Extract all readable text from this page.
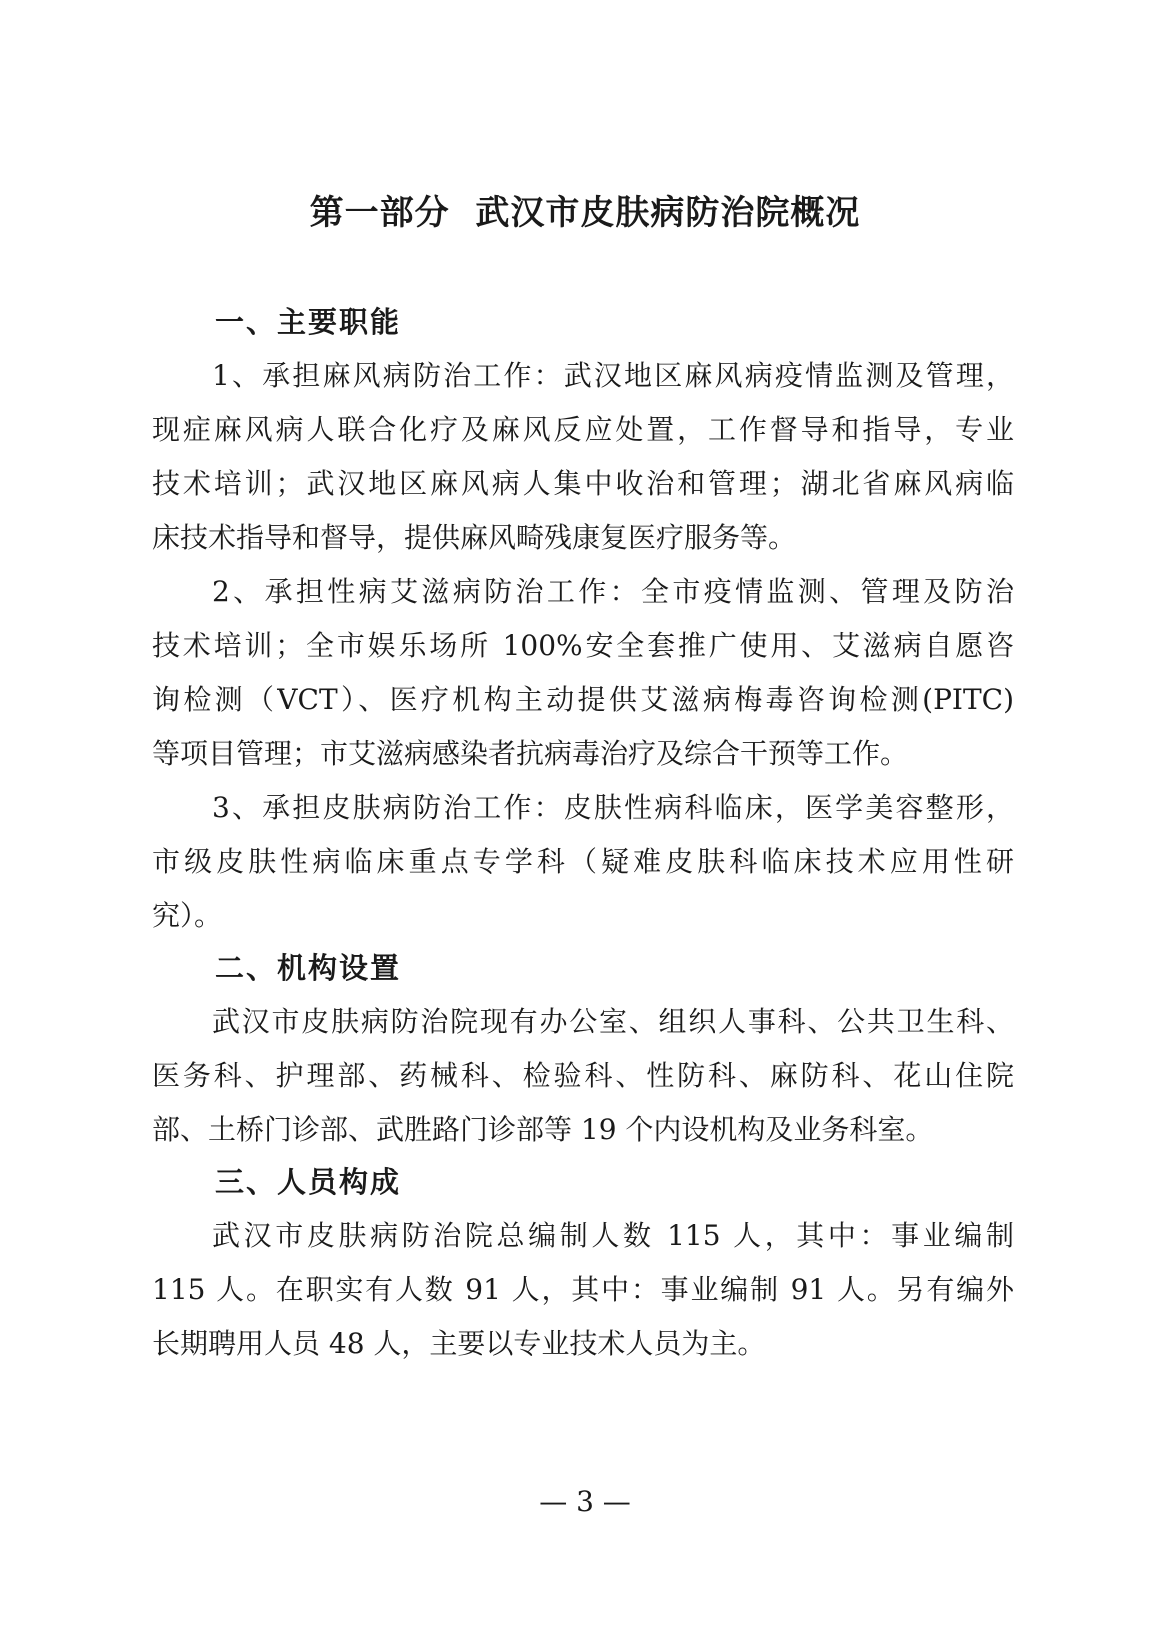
第一部分  武汉市皮肤病防治院概况
一、主要职能
1、承担麻风病防治工作：武汉地区麻风病疫情监测及管理，
现症麻风病人联合化疗及麻风反应处置，工作督导和指导，专业
技术培训；武汉地区麻风病人集中收治和管理；湖北省麻风病临
床技术指导和督导，提供麻风畸残康复医疗服务等。
2、承担性病艾滋病防治工作：全市疫情监测、管理及防治
技术培训；全市娱乐场所 100%安全套推广使用、艾滋病自愿咨
询检测（VCT）、医疗机构主动提供艾滋病梅毒咨询检测(PITC)
等项目管理；市艾滋病感染者抗病毒治疗及综合干预等工作。
3、承担皮肤病防治工作：皮肤性病科临床，医学美容整形，
市级皮肤性病临床重点专学科（疑难皮肤科临床技术应用性研
究）。
二、机构设置
武汉市皮肤病防治院现有办公室、组织人事科、公共卫生科、
医务科、护理部、药械科、检验科、性防科、麻防科、花山住院
部、土桥门诊部、武胜路门诊部等 19 个内设机构及业务科室。
三、人员构成
武汉市皮肤病防治院总编制人数 115 人，其中：事业编制
115 人。在职实有人数 91 人，其中：事业编制 91 人。另有编外
长期聘用人员 48 人，主要以专业技术人员为主。
— 3 —
